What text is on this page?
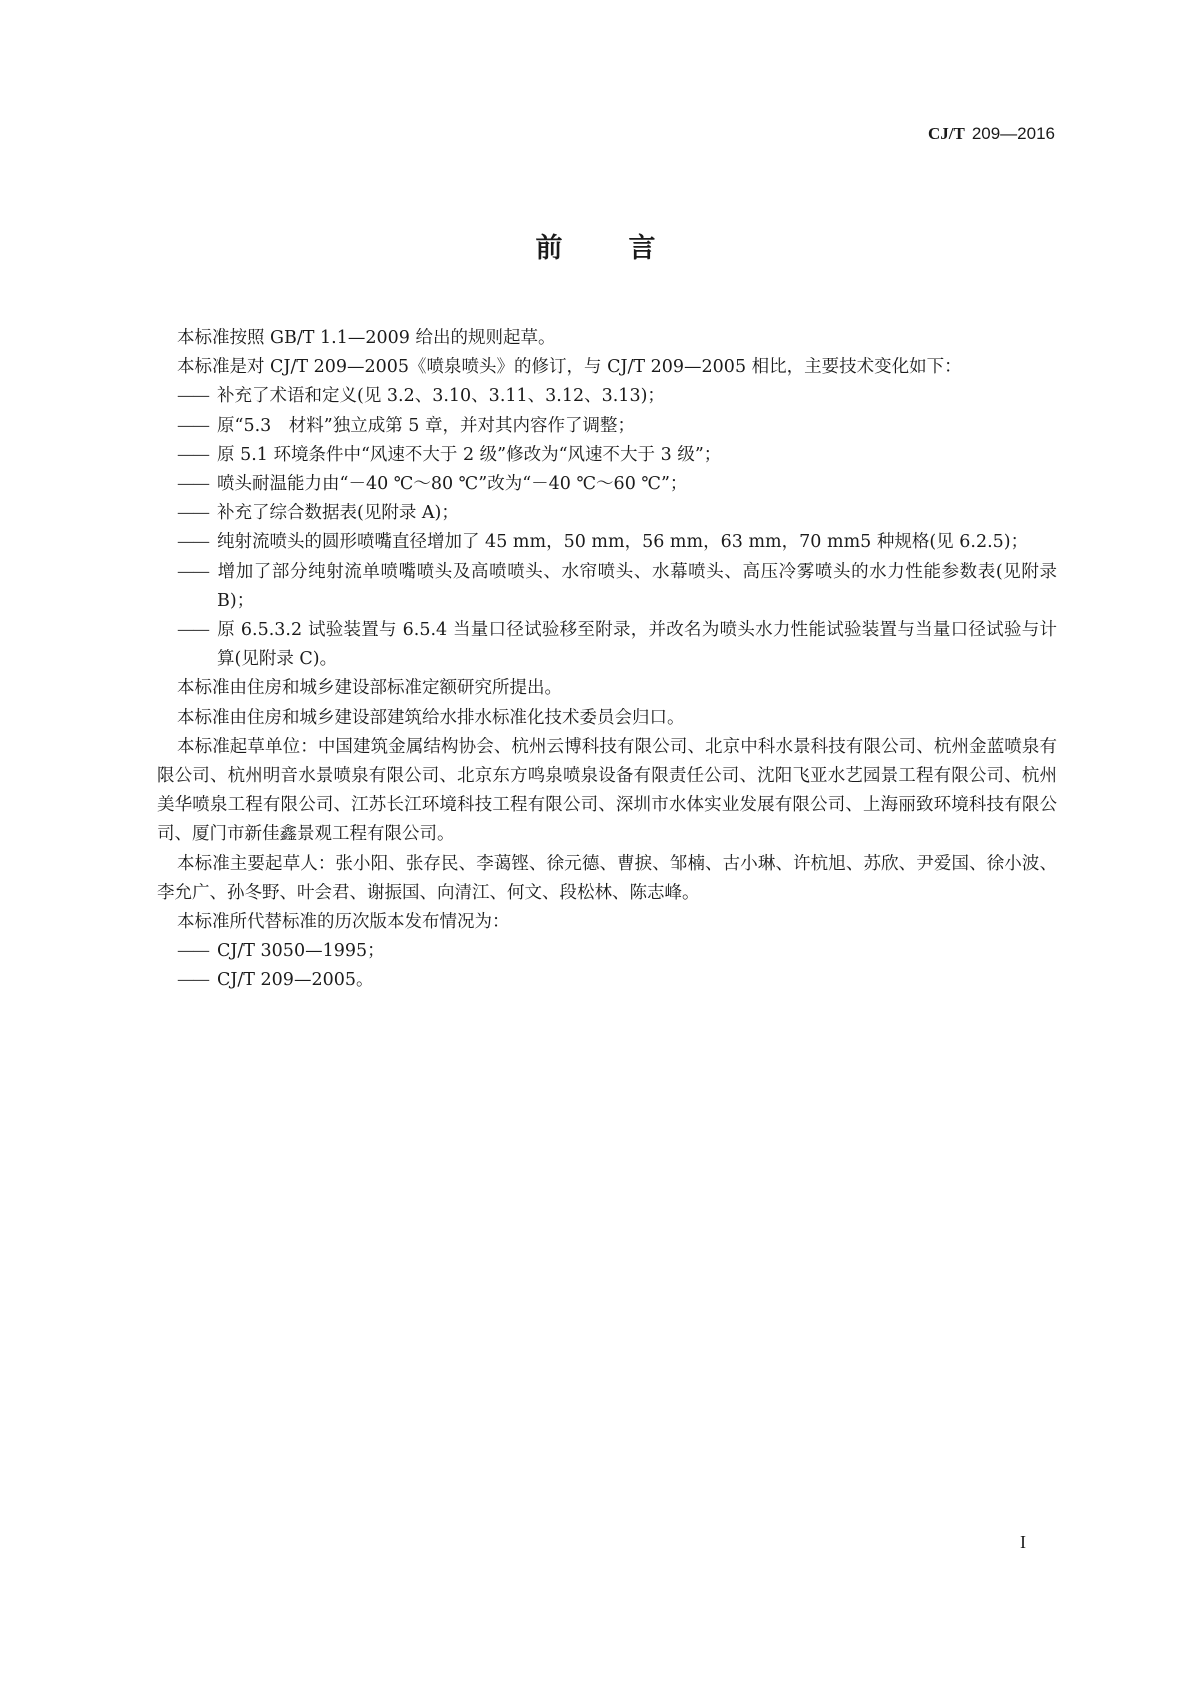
CJ/T 209—2016
前言

本标准按照 GB/T 1.1—2009 给出的规则起草。

本标准是对 CJ/T 209—2005《喷泉喷头》的修订，与 CJ/T 209—2005 相比，主要技术变化如下：

—— 补充了术语和定义(见 3.2、3.10、3.11、3.12、3.13)；

—— 原“5.3　材料”独立成第 5 章，并对其内容作了调整；

—— 原 5.1 环境条件中“风速不大于 2 级”修改为“风速不大于 3 级”；

—— 喷头耐温能力由“－40 ℃～80 ℃”改为“－40 ℃～60 ℃”；

—— 补充了综合数据表(见附录 A)；

—— 纯射流喷头的圆形喷嘴直径增加了 45 mm，50 mm，56 mm，63 mm，70 mm5 种规格(见 6.2.5)；

—— 增加了部分纯射流单喷嘴喷头及高喷喷头、水帘喷头、水幕喷头、高压冷雾喷头的水力性能参数表(见附录 B)；

—— 原 6.5.3.2 试验装置与 6.5.4 当量口径试验移至附录，并改名为喷头水力性能试验装置与当量口径试验与计算(见附录 C)。

本标准由住房和城乡建设部标准定额研究所提出。

本标准由住房和城乡建设部建筑给水排水标准化技术委员会归口。

本标准起草单位：中国建筑金属结构协会、杭州云博科技有限公司、北京中科水景科技有限公司、杭州金蓝喷泉有限公司、杭州明音水景喷泉有限公司、北京东方鸣泉喷泉设备有限责任公司、沈阳飞亚水艺园景工程有限公司、杭州美华喷泉工程有限公司、江苏长江环境科技工程有限公司、深圳市水体实业发展有限公司、上海丽致环境科技有限公司、厦门市新佳鑫景观工程有限公司。

本标准主要起草人：张小阳、张存民、李蔼铿、徐元德、曹捩、邹楠、古小琳、许杭旭、苏欣、尹爱国、徐小波、李允广、孙冬野、叶会君、谢振国、向清江、何文、段松林、陈志峰。

本标准所代替标准的历次版本发布情况为：

—— CJ/T 3050—1995；

—— CJ/T 209—2005。

I
